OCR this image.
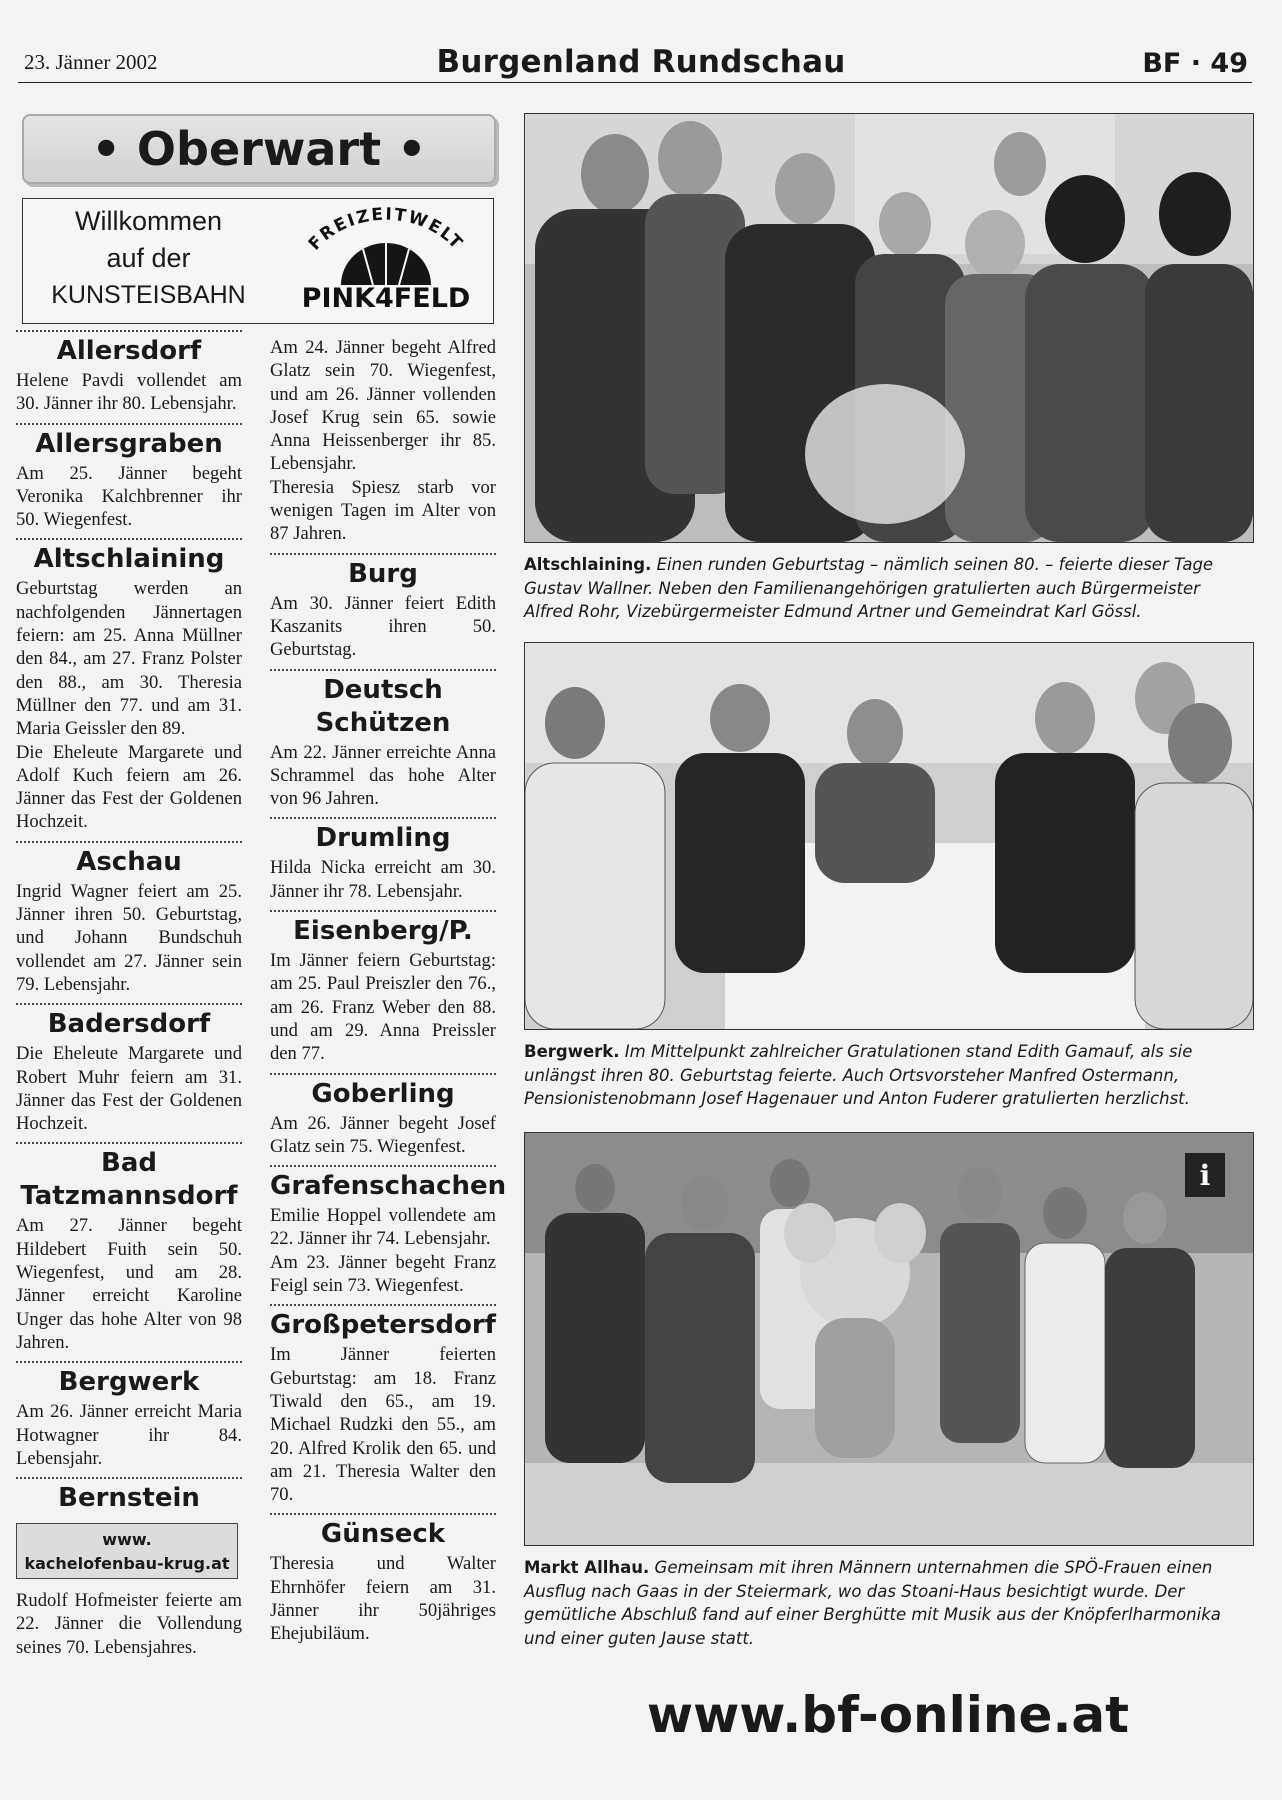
23. Jänner 2002	Burgenland Rundschau	BF · 49
• Oberwart •
Willkommen
auf der
KUNSTEISBAHN
FREIZEITWELT
PINK4FELD
Allersdorf

Helene Pavdi vollendet am 30. Jänner ihr 80. Lebensjahr.

Allersgraben

Am 25. Jänner begeht Veronika Kalchbrenner ihr 50. Wiegenfest.

Altschlaining

Geburtstag werden an nachfolgenden Jännertagen feiern: am 25. Anna Müllner den 84., am 27. Franz Polster den 88., am 30. Theresia Müllner den 77. und am 31. Maria Geissler den 89.

Die Eheleute Margarete und Adolf Kuch feiern am 26. Jänner das Fest der Goldenen Hochzeit.

Aschau

Ingrid Wagner feiert am 25. Jänner ihren 50. Geburtstag, und Johann Bundschuh vollendet am 27. Jänner sein 79. Lebensjahr.

Badersdorf

Die Eheleute Margarete und Robert Muhr feiern am 31. Jänner das Fest der Goldenen Hochzeit.

Bad Tatzmannsdorf

Am 27. Jänner begeht Hildebert Fuith sein 50. Wiegenfest, und am 28. Jänner erreicht Karoline Unger das hohe Alter von 98 Jahren.

Bergwerk

Am 26. Jänner erreicht Maria Hotwagner ihr 84. Lebensjahr.

Bernstein
www.
kachelofenbau-krug.at

Rudolf Hofmeister feierte am 22. Jänner die Vollendung seines 70. Lebensjahres.

Am 24. Jänner begeht Alfred Glatz sein 70. Wiegenfest, und am 26. Jänner vollenden Josef Krug sein 65. sowie Anna Heissenberger ihr 85. Lebensjahr.

Theresia Spiesz starb vor wenigen Tagen im Alter von 87 Jahren.

Burg

Am 30. Jänner feiert Edith Kaszanits ihren 50. Geburtstag.

Deutsch Schützen

Am 22. Jänner erreichte Anna Schrammel das hohe Alter von 96 Jahren.

Drumling

Hilda Nicka erreicht am 30. Jänner ihr 78. Lebensjahr.

Eisenberg/P.

Im Jänner feiern Geburtstag: am 25. Paul Preiszler den 76., am 26. Franz Weber den 88. und am 29. Anna Preissler den 77.

Goberling

Am 26. Jänner begeht Josef Glatz sein 75. Wiegenfest.

Grafenschachen

Emilie Hoppel vollendete am 22. Jänner ihr 74. Lebensjahr.

Am 23. Jänner begeht Franz Feigl sein 73. Wiegenfest.

Großpetersdorf

Im Jänner feierten Geburtstag: am 18. Franz Tiwald den 65., am 19. Michael Rudzki den 55., am 20. Alfred Krolik den 65. und am 21. Theresia Walter den 70.

Günseck

Theresia und Walter Ehrnhöfer feiern am 31. Jänner ihr 50jähriges Ehejubiläum.

Altschlaining. Einen runden Geburtstag – nämlich seinen 80. – feierte dieser Tage Gustav Wallner. Neben den Familienangehörigen gratulierten auch Bürgermeister Alfred Rohr, Vizebürgermeister Edmund Artner und Gemeindrat Karl Gössl.
Bergwerk. Im Mittelpunkt zahlreicher Gratulationen stand Edith Gamauf, als sie unlängst ihren 80. Geburtstag feierte. Auch Ortsvorsteher Manfred Ostermann, Pensionistenobmann Josef Hagenauer und Anton Fuderer gratulierten herzlichst.
i
Markt Allhau. Gemeinsam mit ihren Männern unternahmen die SPÖ-Frauen einen Ausflug nach Gaas in der Steiermark, wo das Stoani-Haus besichtigt wurde. Der gemütliche Abschluß fand auf einer Berghütte mit Musik aus der Knöpferlharmonika und einer guten Jause statt.
www.bf-online.at
